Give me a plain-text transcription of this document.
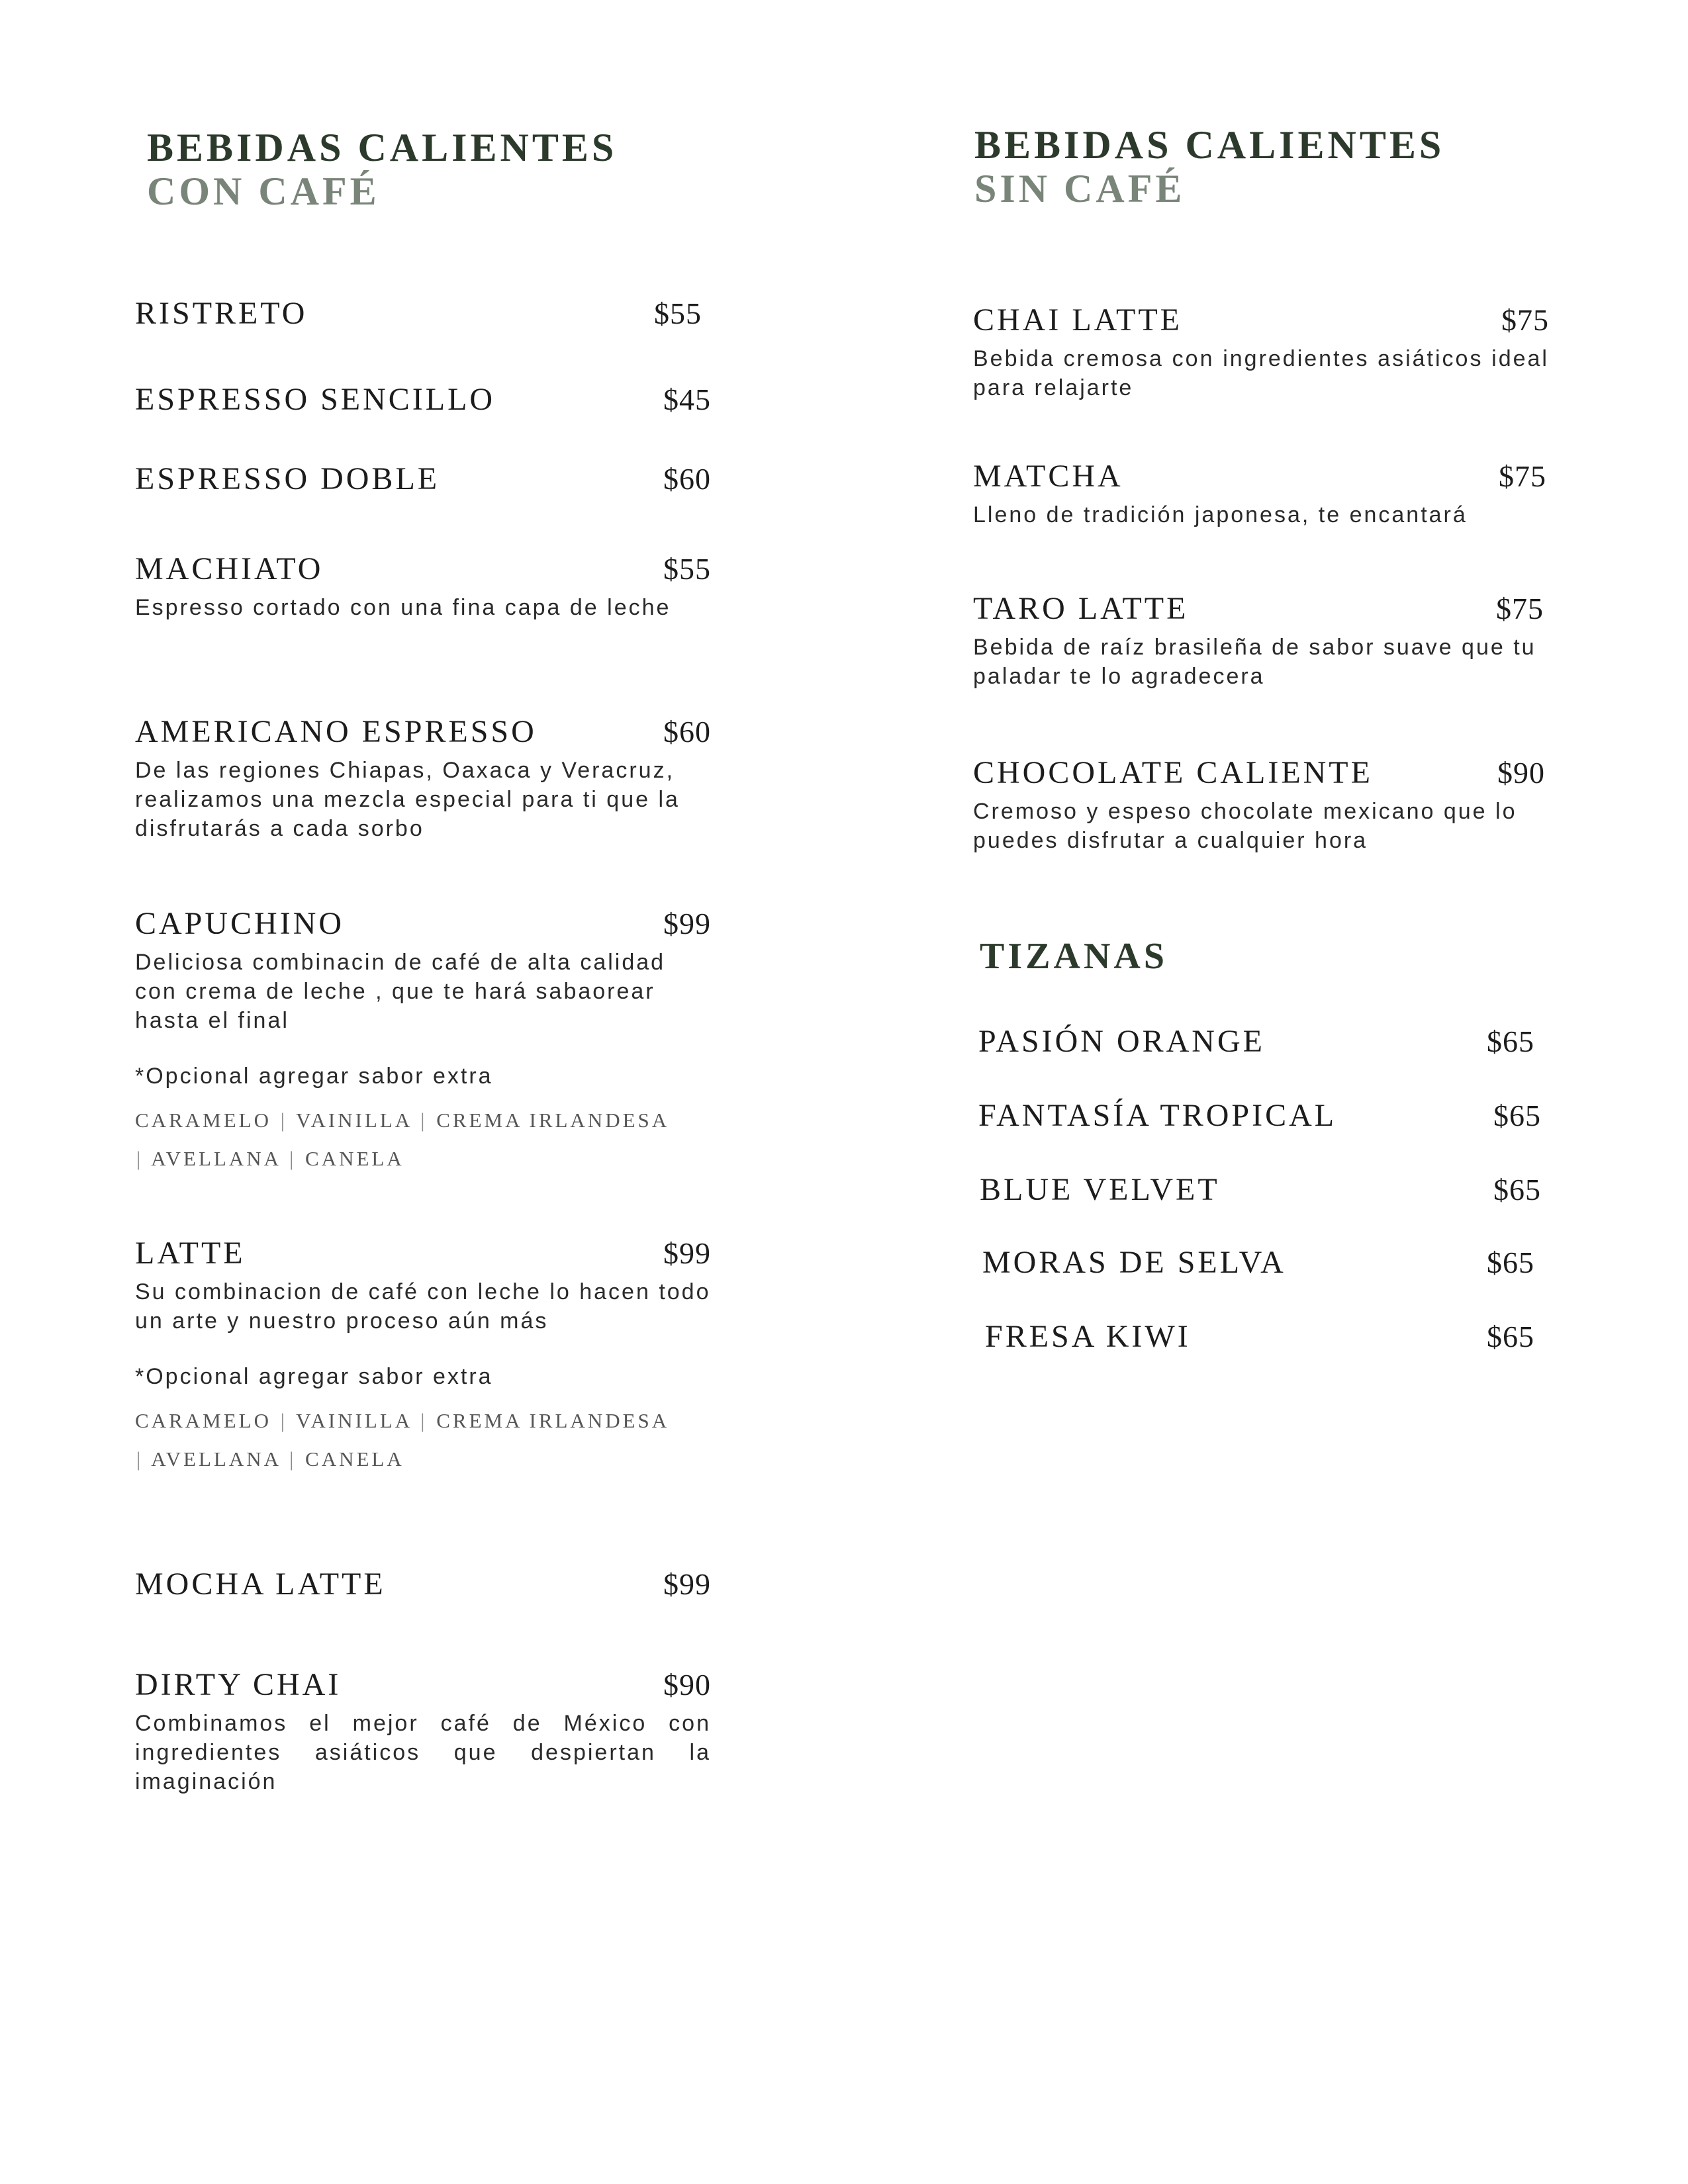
BEBIDAS CALIENTES
CON CAFÉ
RISTRETO	$55
ESPRESSO SENCILLO	$45
ESPRESSO DOBLE	$60
MACHIATO	$55
Espresso cortado con una fina capa de leche
AMERICANO ESPRESSO	$60
De las regiones Chiapas, Oaxaca y Veracruz, realizamos una mezcla especial para ti que la disfrutarás a cada sorbo
CAPUCHINO	$99
Deliciosa combinacin de café de alta calidad con crema de leche , que te hará sabaorear hasta el final
*Opcional agregar sabor extra
CARAMELO | VAINILLA | CREMA IRLANDESA
| AVELLANA | CANELA
LATTE	$99
Su combinacion de café con leche lo hacen todo un arte y nuestro proceso aún más
*Opcional agregar sabor extra
CARAMELO | VAINILLA | CREMA IRLANDESA
| AVELLANA | CANELA
MOCHA LATTE	$99
DIRTY CHAI	$90
Combinamos el mejor café de México con ingredientes asiáticos que despiertan la imaginación
BEBIDAS CALIENTES
SIN CAFÉ
CHAI LATTE	$75
Bebida cremosa con ingredientes asiáticos ideal para relajarte
MATCHA	$75
Lleno de tradición japonesa, te encantará
TARO LATTE	$75
Bebida de raíz brasileña de sabor suave que tu paladar te lo agradecera
CHOCOLATE CALIENTE	$90
Cremoso y espeso chocolate mexicano que lo puedes disfrutar a cualquier hora
TIZANAS
PASIÓN ORANGE	$65
FANTASÍA TROPICAL	$65
BLUE VELVET	$65
MORAS DE SELVA	$65
FRESA KIWI	$65
